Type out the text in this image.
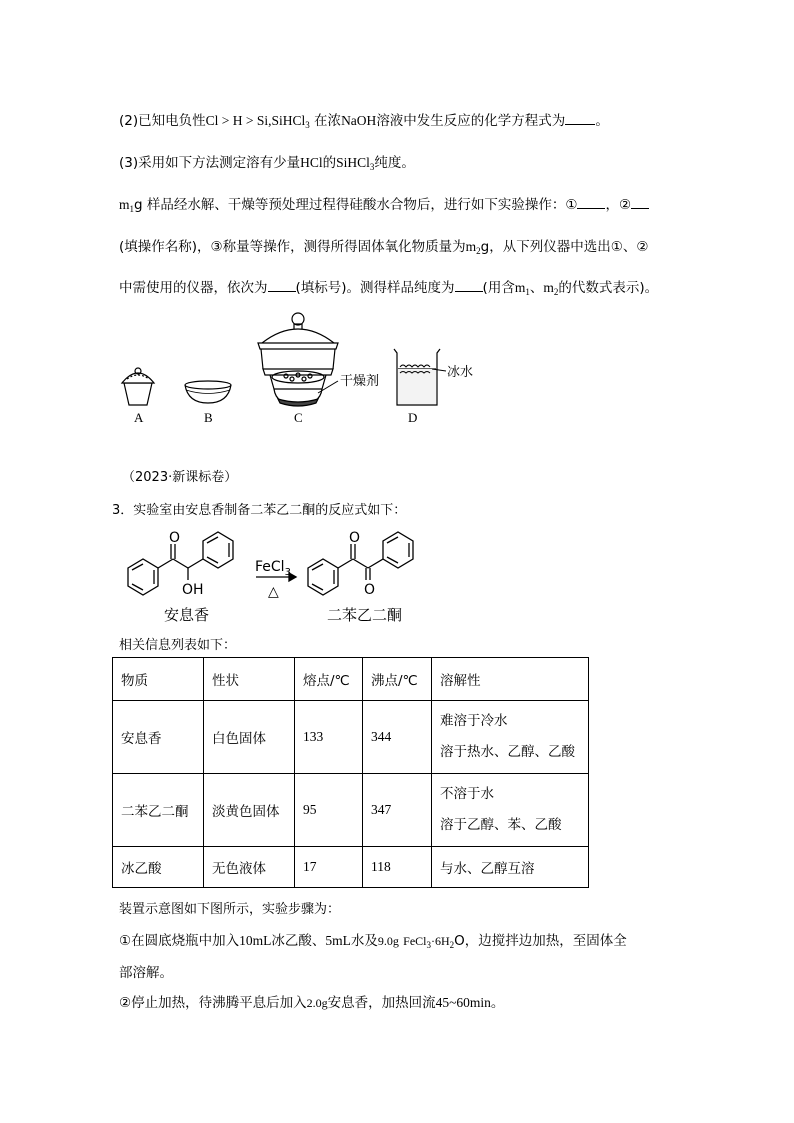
(2)已知电负性Cl > H > Si,SiHCl$_3$ 在浓NaOH溶液中发生反应的化学方程式为 。
(3)采用如下方法测定溶有少量HCl的SiHCl$_3$纯度。
$m_1g$ 样品经水解、干燥等预处理过程得硅酸水合物后，进行如下实验操作：① ，②
(填操作名称)，③称量等操作，测得所得固体氧化物质量为$m_2g$，从下列仪器中选出①、②
中需使用的仪器，依次为 (填标号)。测得样品纯度为 (用含$m_1$、$m_2$的代数式表示)。
干燥剂
冰水
A	B	C	D
（2023·新课标卷）
3．实验室由安息香制备二苯乙二酮的反应式如下：
O
OH
O
O
FeCl$_3$
△
安息香	二苯乙二酮
相关信息列表如下：
物质	性状	熔点/℃	沸点/℃	溶解性
安息香	白色固体	133	344	难溶于冷水
溶于热水、乙醇、乙酸

二苯乙二酮	淡黄色固体	95	347	不溶于水
溶于乙醇、苯、乙酸

冰乙酸	无色液体	17	118	与水、乙醇互溶
装置示意图如下图所示，实验步骤为：
①在圆底烧瓶中加入10mL冰乙酸、5mL水及9.0g $FeCl_3\cdot 6H_2O$，边搅拌边加热，至固体全
部溶解。
②停止加热，待沸腾平息后加入2.0g安息香，加热回流45~60min。
